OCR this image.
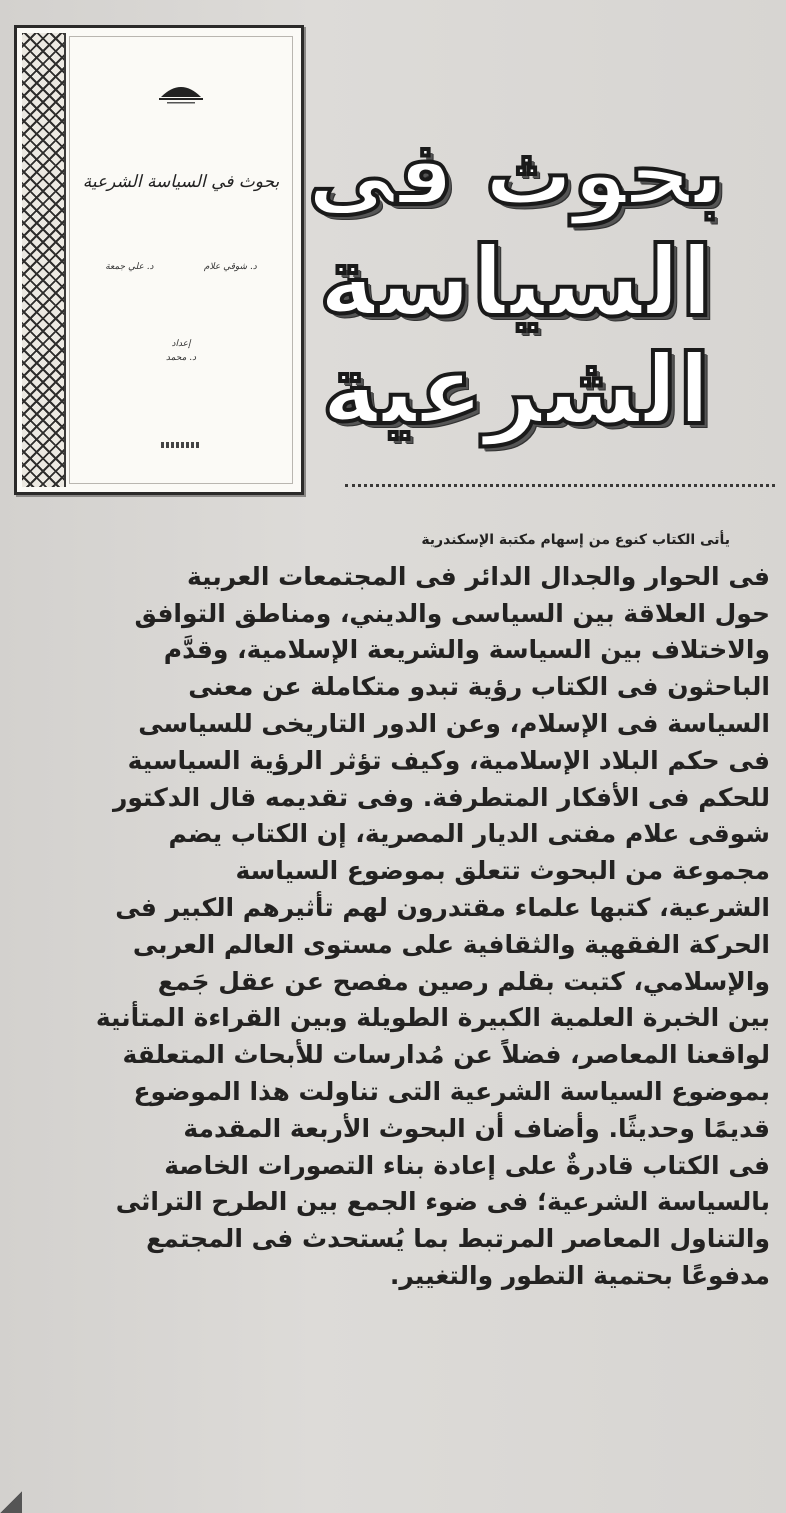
بحوث في السياسة الشرعية
د. شوقي علام
د. علي جمعة
إعداد
د. محمد
بحوث فى
السياسة
الشرعية

يأتى الكتاب كنوع من إسهام مكتبة الإسكندرية

فى الحوار والجدال الدائر فى المجتمعات العربية

حول العلاقة بين السياسى والديني، ومناطق التوافق

والاختلاف بين السياسة والشريعة الإسلامية، وقدَّم

الباحثون فى الكتاب رؤية تبدو متكاملة عن معنى

السياسة فى الإسلام، وعن الدور التاريخى للسياسى

فى حكم البلاد الإسلامية، وكيف تؤثر الرؤية السياسية

للحكم فى الأفكار المتطرفة. وفى تقديمه قال الدكتور

شوقى علام مفتى الديار المصرية، إن الكتاب يضم

مجموعة من البحوث تتعلق بموضوع السياسة

الشرعية، كتبها علماء مقتدرون لهم تأثيرهم الكبير فى

الحركة الفقهية والثقافية على مستوى العالم العربى

والإسلامي، كتبت بقلم رصين مفصح عن عقل جَمع

بين الخبرة العلمية الكبيرة الطويلة وبين القراءة المتأنية

لواقعنا المعاصر، فضلاً عن مُدارسات للأبحاث المتعلقة

بموضوع السياسة الشرعية التى تناولت هذا الموضوع

قديمًا وحديثًا. وأضاف أن البحوث الأربعة المقدمة

فى الكتاب قادرةٌ على إعادة بناء التصورات الخاصة

بالسياسة الشرعية؛ فى ضوء الجمع بين الطرح التراثى

والتناول المعاصر المرتبط بما يُستحدث فى المجتمع

مدفوعًا بحتمية التطور والتغيير.
